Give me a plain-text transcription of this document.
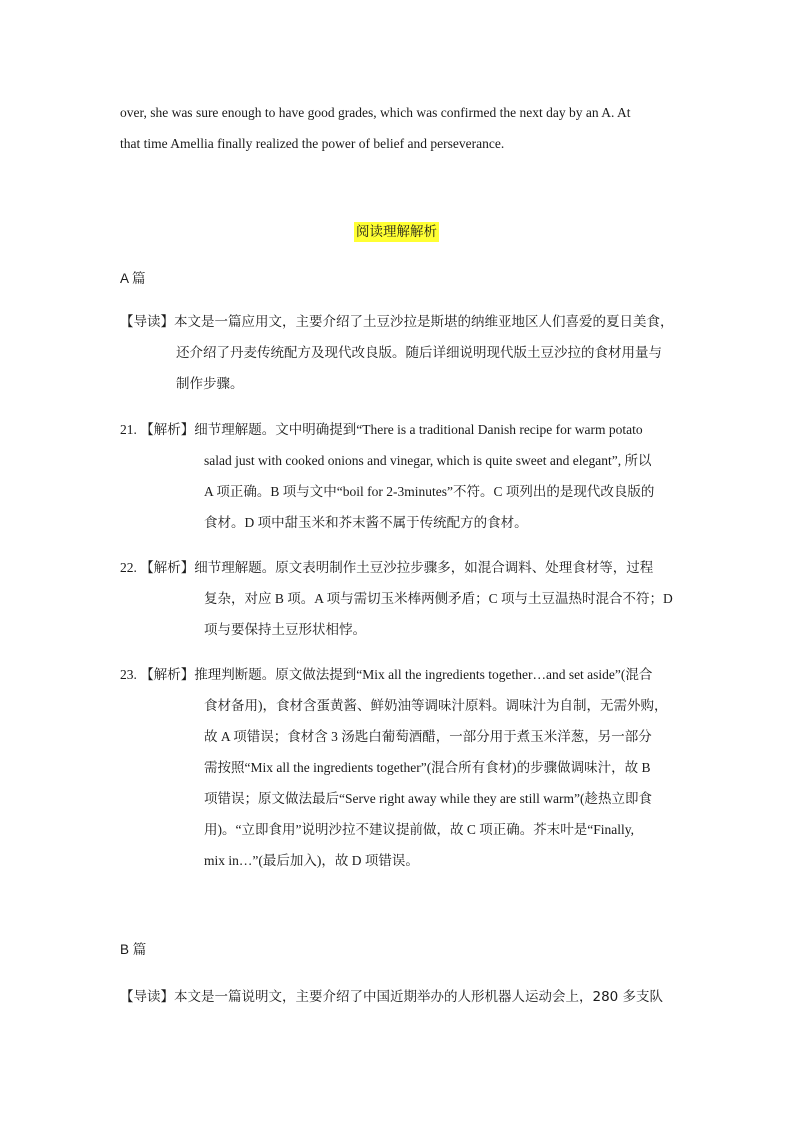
over, she was sure enough to have good grades, which was confirmed the next day by an A. At
that time Amellia finally realized the power of belief and perseverance.
阅读理解解析
A 篇
【导读】本文是一篇应用文，主要介绍了土豆沙拉是斯堪的纳维亚地区人们喜爱的夏日美食，
还介绍了丹麦传统配方及现代改良版。随后详细说明现代版土豆沙拉的食材用量与
制作步骤。
21. 【解析】细节理解题。文中明确提到“There is a traditional Danish recipe for warm potato
salad just with cooked onions and vinegar, which is quite sweet and elegant”, 所以
A 项正确。B 项与文中“boil for 2-3minutes”不符。C 项列出的是现代改良版的
食材。D 项中甜玉米和芥末酱不属于传统配方的食材。
22. 【解析】细节理解题。原文表明制作土豆沙拉步骤多，如混合调料、处理食材等，过程
复杂，对应 B 项。A 项与需切玉米棒两侧矛盾；C 项与土豆温热时混合不符；D
项与要保持土豆形状相悖。
23. 【解析】推理判断题。原文做法提到“Mix all the ingredients together…and set aside”(混合
食材备用)，食材含蛋黄酱、鲜奶油等调味汁原料。调味汁为自制，无需外购，
故 A 项错误；食材含 3 汤匙白葡萄酒醋，一部分用于煮玉米洋葱，另一部分
需按照“Mix all the ingredients together”(混合所有食材)的步骤做调味汁，故 B
项错误；原文做法最后“Serve right away while they are still warm”(趁热立即食
用)。“立即食用”说明沙拉不建议提前做，故 C 项正确。芥末叶是“Finally,
mix in…”(最后加入)，故 D 项错误。
B 篇
【导读】本文是一篇说明文，主要介绍了中国近期举办的人形机器人运动会上，280 多支队
